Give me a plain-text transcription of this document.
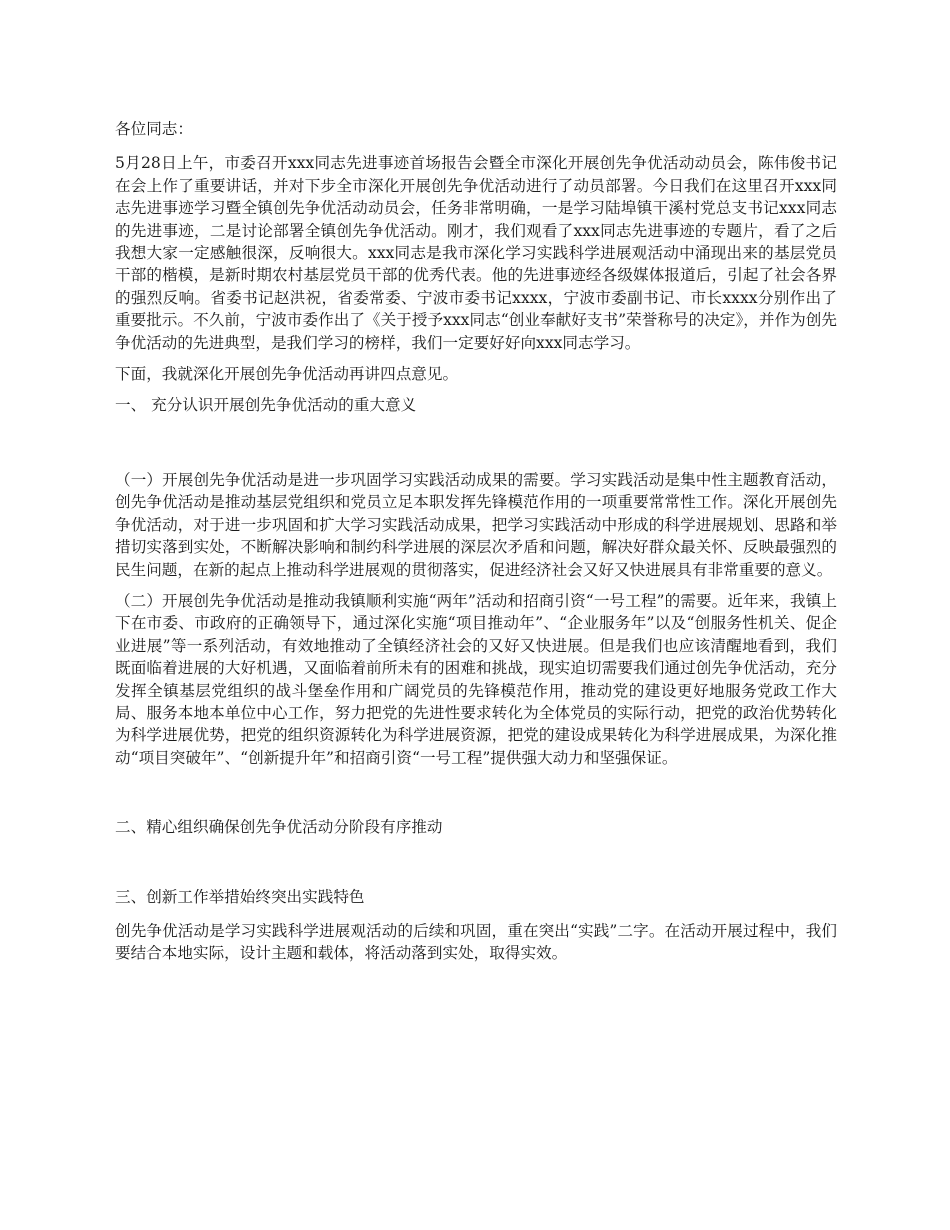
各位同志：

5月28日上午，市委召开xxx同志先进事迹首场报告会暨全市深化开展创先争优活动动员会，陈伟俊书记在会上作了重要讲话，并对下步全市深化开展创先争优活动进行了动员部署。今日我们在这里召开xxx同志先进事迹学习暨全镇创先争优活动动员会，任务非常明确，一是学习陆埠镇干溪村党总支书记xxx同志的先进事迹，二是讨论部署全镇创先争优活动。刚才，我们观看了xxx同志先进事迹的专题片，看了之后我想大家一定感触很深，反响很大。xxx同志是我市深化学习实践科学进展观活动中涌现出来的基层党员干部的楷模，是新时期农村基层党员干部的优秀代表。他的先进事迹经各级媒体报道后，引起了社会各界的强烈反响。省委书记赵洪祝，省委常委、宁波市委书记xxxx，宁波市委副书记、市长xxxx分别作出了重要批示。不久前，宁波市委作出了《关于授予xxx同志“创业奉献好支书”荣誉称号的决定》，并作为创先争优活动的先进典型，是我们学习的榜样，我们一定要好好向xxx同志学习。

下面，我就深化开展创先争优活动再讲四点意见。

一、 充分认识开展创先争优活动的重大意义

（一）开展创先争优活动是进一步巩固学习实践活动成果的需要。学习实践活动是集中性主题教育活动，创先争优活动是推动基层党组织和党员立足本职发挥先锋模范作用的一项重要常常性工作。深化开展创先争优活动，对于进一步巩固和扩大学习实践活动成果，把学习实践活动中形成的科学进展规划、思路和举措切实落到实处，不断解决影响和制约科学进展的深层次矛盾和问题，解决好群众最关怀、反映最强烈的民生问题，在新的起点上推动科学进展观的贯彻落实，促进经济社会又好又快进展具有非常重要的意义。

（二）开展创先争优活动是推动我镇顺利实施“两年”活动和招商引资“一号工程”的需要。近年来，我镇上下在市委、市政府的正确领导下，通过深化实施“项目推动年”、“企业服务年”以及“创服务性机关、促企业进展”等一系列活动，有效地推动了全镇经济社会的又好又快进展。但是我们也应该清醒地看到，我们既面临着进展的大好机遇，又面临着前所未有的困难和挑战，现实迫切需要我们通过创先争优活动，充分发挥全镇基层党组织的战斗堡垒作用和广阔党员的先锋模范作用，推动党的建设更好地服务党政工作大局、服务本地本单位中心工作，努力把党的先进性要求转化为全体党员的实际行动，把党的政治优势转化为科学进展优势，把党的组织资源转化为科学进展资源，把党的建设成果转化为科学进展成果，为深化推动“项目突破年”、“创新提升年”和招商引资“一号工程”提供强大动力和坚强保证。

二、精心组织确保创先争优活动分阶段有序推动

三、创新工作举措始终突出实践特色

创先争优活动是学习实践科学进展观活动的后续和巩固，重在突出“实践”二字。在活动开展过程中，我们要结合本地实际，设计主题和载体，将活动落到实处，取得实效。
